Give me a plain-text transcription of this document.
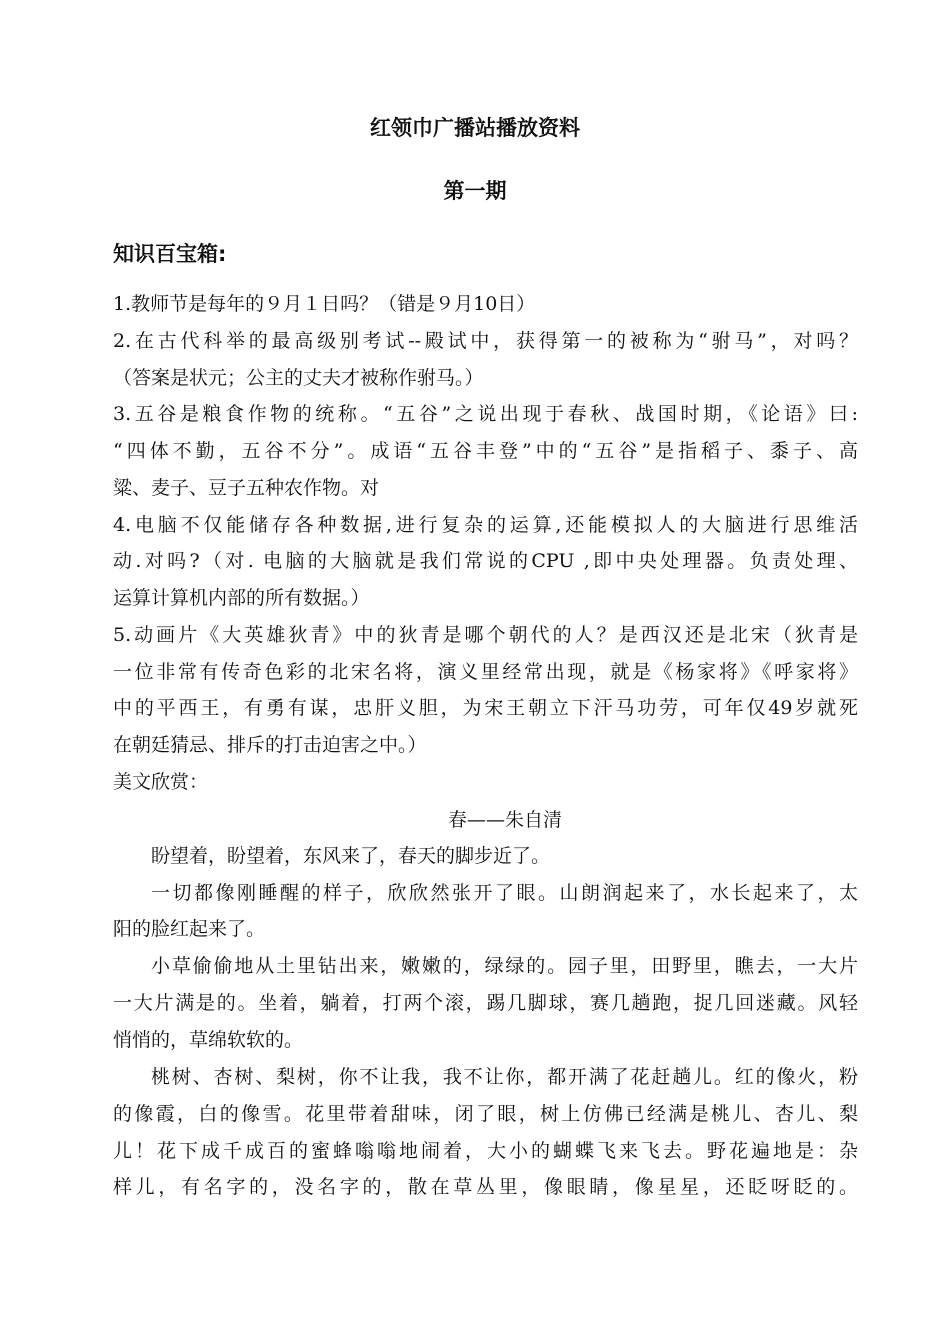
红领巾广播站播放资料
第一期
知识百宝箱:
1.教师节是每年的９月１日吗？（错是９月10日）
2.在古代科举的最高级别考试--殿试中，获得第一的被称为“驸马”，对吗？
（答案是状元；公主的丈夫才被称作驸马。）
3.五谷是粮食作物的统称。“五谷”之说出现于春秋、战国时期，《论语》曰:
“四体不勤，五谷不分”。成语“五谷丰登”中的“五谷”是指稻子、黍子、高
粱、麦子、豆子五种农作物。对
4.电脑不仅能储存各种数据,进行复杂的运算,还能模拟人的大脑进行思维活
动.对吗?（对. 电脑的大脑就是我们常说的CPU ,即中央处理器。负责处理、
运算计算机内部的所有数据。）
5.动画片《大英雄狄青》中的狄青是哪个朝代的人？是西汉还是北宋（狄青是
一位非常有传奇色彩的北宋名将，演义里经常出现，就是《杨家将》《呼家将》
中的平西王，有勇有谋，忠肝义胆，为宋王朝立下汗马功劳，可年仅49岁就死
在朝廷猜忌、排斥的打击迫害之中。）
美文欣赏：
春——朱自清
盼望着，盼望着，东风来了，春天的脚步近了。
一切都像刚睡醒的样子，欣欣然张开了眼。山朗润起来了，水长起来了，太
阳的脸红起来了。
小草偷偷地从土里钻出来，嫩嫩的，绿绿的。园子里，田野里，瞧去，一大片
一大片满是的。坐着，躺着，打两个滚，踢几脚球，赛几趟跑，捉几回迷藏。风轻
悄悄的，草绵软软的。
桃树、杏树、梨树，你不让我，我不让你，都开满了花赶趟儿。红的像火，粉
的像霞，白的像雪。花里带着甜味，闭了眼，树上仿佛已经满是桃儿、杏儿、梨
儿！花下成千成百的蜜蜂嗡嗡地闹着，大小的蝴蝶飞来飞去。野花遍地是：杂
样儿，有名字的，没名字的，散在草丛里，像眼睛，像星星，还眨呀眨的。
